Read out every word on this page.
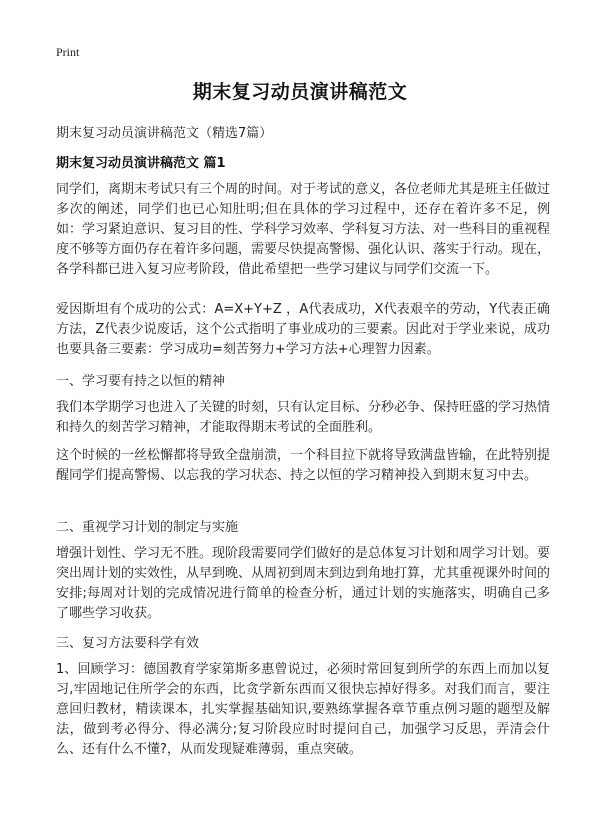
Print
期末复习动员演讲稿范文
期末复习动员演讲稿范文（精选7篇）
期末复习动员演讲稿范文 篇1

同学们，离期末考试只有三个周的时间。对于考试的意义，各位老师尤其是班主任做过多次的阐述，同学们也已心知肚明;但在具体的学习过程中，还存在着许多不足，例如：学习紧迫意识、复习目的性、学科学习效率、学科复习方法、对一些科目的重视程度不够等方面仍存在着许多问题，需要尽快提高警惕、强化认识、落实于行动。现在，各学科都已进入复习应考阶段，借此希望把一些学习建议与同学们交流一下。

爱因斯坦有个成功的公式：A=X+Y+Z ，A代表成功，X代表艰辛的劳动，Y代表正确方法，Z代表少说废话，这个公式指明了事业成功的三要素。因此对于学业来说，成功也要具备三要素：学习成功=刻苦努力+学习方法+心理智力因素。

一、学习要有持之以恒的精神

我们本学期学习也进入了关键的时刻，只有认定目标、分秒必争、保持旺盛的学习热情和持久的刻苦学习精神，才能取得期末考试的全面胜利。

这个时候的一丝松懈都将导致全盘崩溃，一个科目拉下就将导致满盘皆输，在此特别提醒同学们提高警惕、以忘我的学习状态、持之以恒的学习精神投入到期末复习中去。

二、重视学习计划的制定与实施

增强计划性、学习无不胜。现阶段需要同学们做好的是总体复习计划和周学习计划。要突出周计划的实效性，从早到晚、从周初到周末到边到角地打算，尤其重视课外时间的安排;每周对计划的完成情况进行简单的检查分析，通过计划的实施落实，明确自己多了哪些学习收获。

三、复习方法要科学有效

1、回顾学习：德国教育学家第斯多惠曾说过，必须时常回复到所学的东西上而加以复习,牢固地记住所学会的东西，比贪学新东西而又很快忘掉好得多。对我们而言，要注意回归教材，精读课本，扎实掌握基础知识,要熟练掌握各章节重点例习题的题型及解法，做到考必得分、得必满分;复习阶段应时时提问自己，加强学习反思，弄清会什么、还有什么不懂?，从而发现疑难薄弱，重点突破。
